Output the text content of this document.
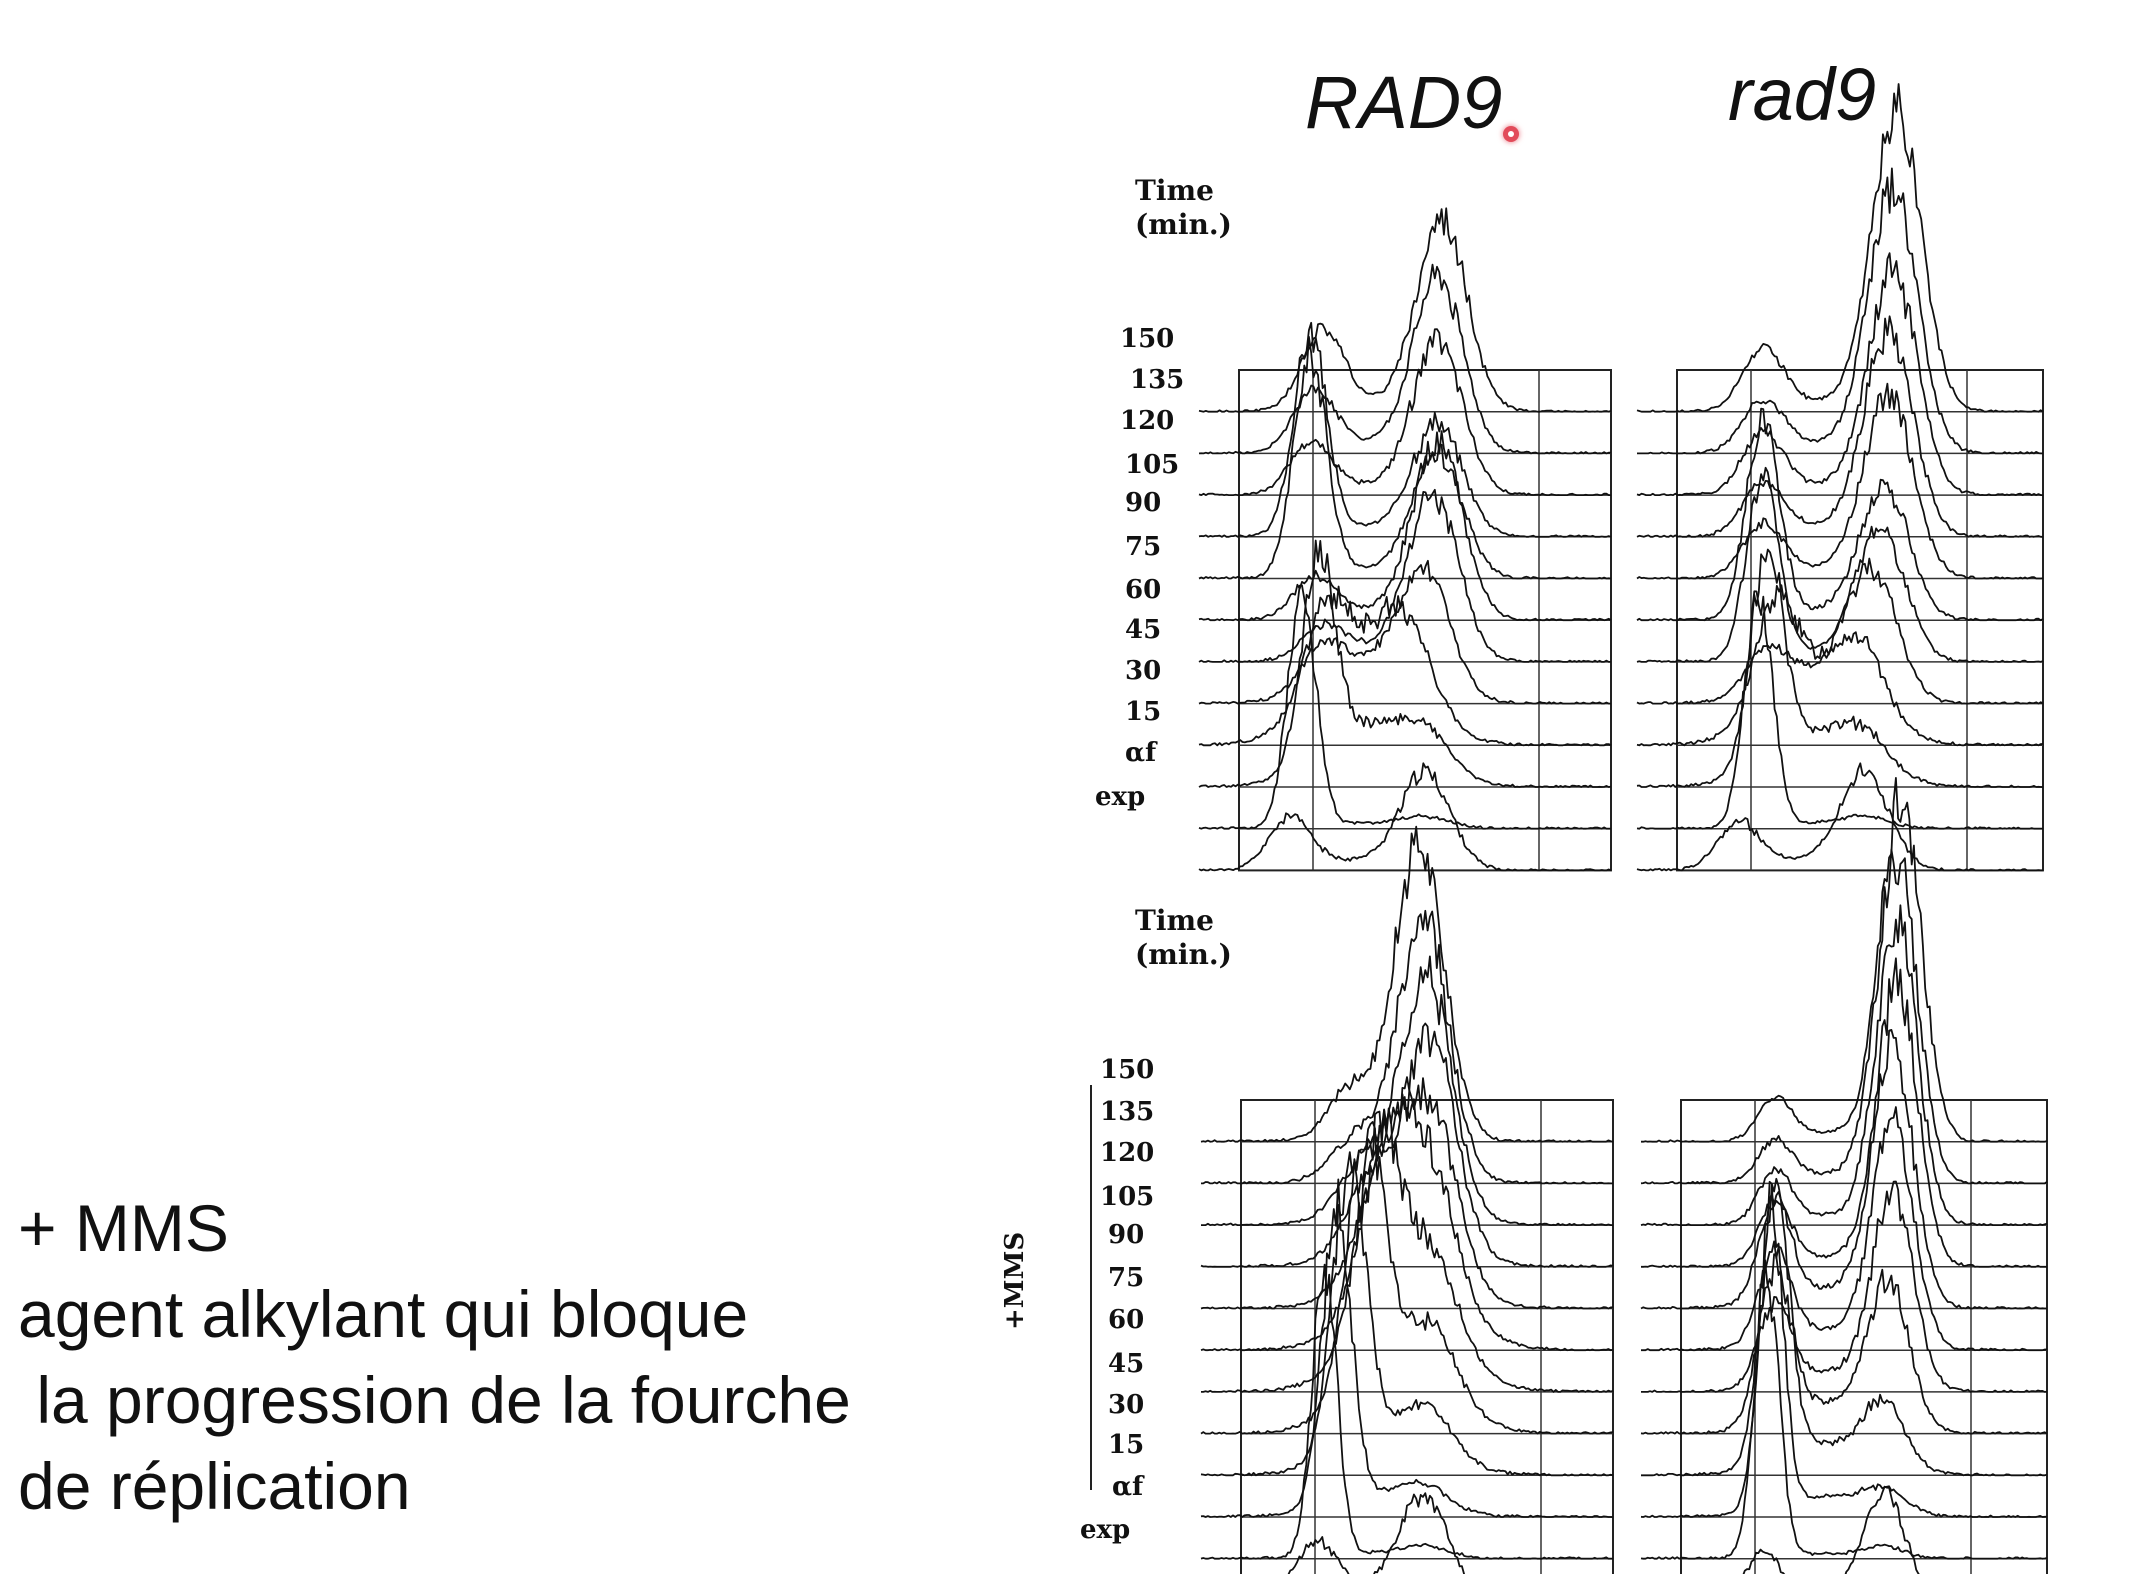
RAD9	rad9
Time
(min.)
150
135
120
105
90
75
60
45
30
15
αf
exp
Time
(min.)
150
135
120
105
90
75
60
45
30
15
αf
exp
+MMS
+ MMS
agent alkylant qui bloque
la progression de la fourche
de réplication
